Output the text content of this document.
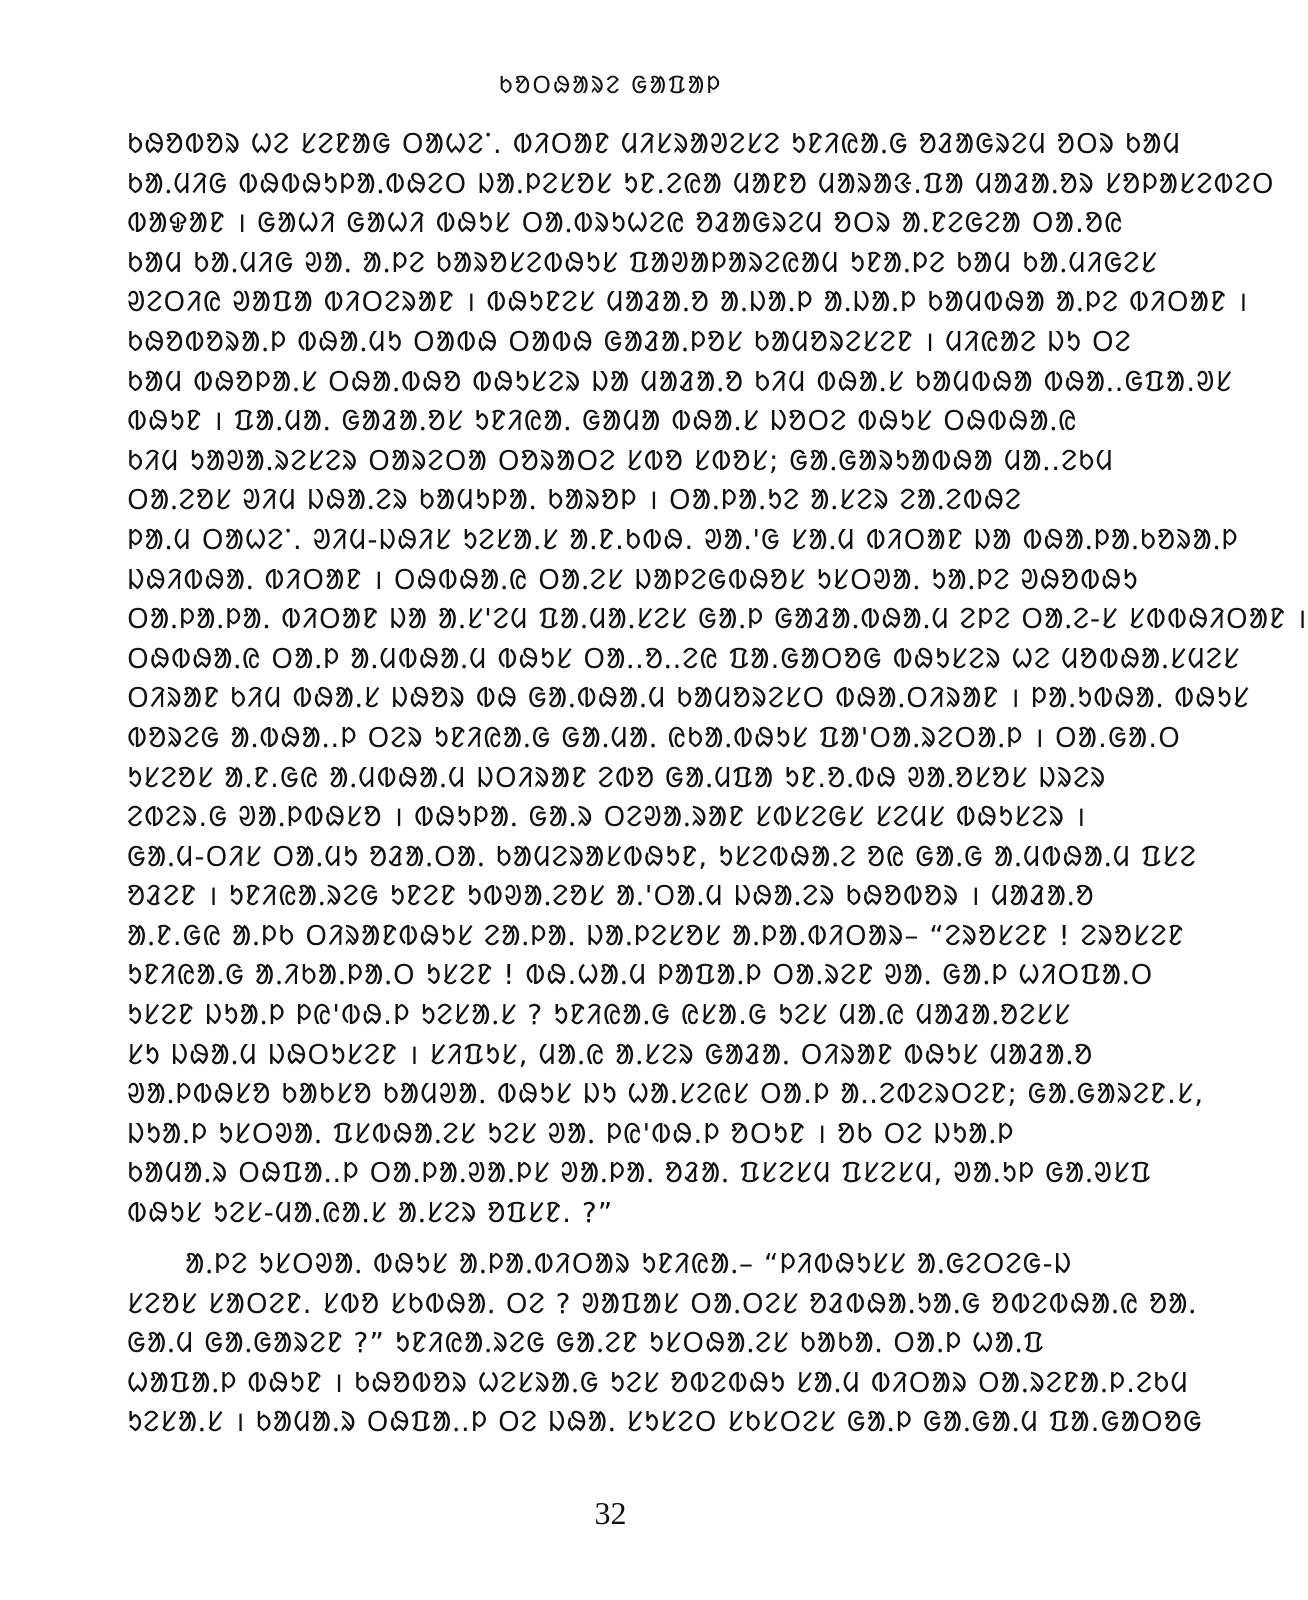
ᱠᱚᱛᱷᱟᱨᱮ ᱜᱟᱯᱟᱞ
ᱠᱷᱚᱵᱚᱨ ᱦᱮ ᱥᱮᱱᱟᱜ ᱛᱟᱦᱮᱸ. ᱵᱤᱛᱟᱱ ᱢᱤᱥᱨᱟᱣᱮᱥᱮ ᱩᱱᱤᱭᱟᱹᱜ ᱚᱲᱟᱜᱨᱮᱢ ᱚᱛᱨ ᱠᱟᱢ
ᱠᱟᱹᱢᱤᱜ ᱵᱷᱵᱷᱩᱞᱟᱹᱵᱷᱮᱛ ᱡᱟᱹᱞᱮᱥᱚᱥ ᱩᱱ.ᱮᱭᱟ ᱢᱟᱱᱚ ᱢᱟᱨᱟᱝ.ᱯᱟ ᱢᱟᱲᱟᱹᱚᱨ ᱥᱚᱞᱟᱥᱮᱵᱮᱛ
ᱵᱟᱫᱟᱱ । ᱜᱟᱦᱤ ᱜᱟᱦᱤ ᱵᱷᱩᱥ ᱛᱟᱹᱵᱨᱩᱦᱮᱭ ᱚᱲᱟᱜᱨᱮᱢ ᱚᱛᱨ ᱟᱹᱱᱮᱜᱮᱟ ᱛᱟ.ᱚᱭ
ᱠᱟᱢ ᱠᱟᱹᱢᱤᱜ ᱣᱟᱹ ᱟᱹᱞᱮ ᱠᱟᱨᱚᱥᱮᱵᱷᱩᱥ ᱯᱟᱣᱟᱞᱟᱨᱮᱭᱟᱢ ᱩᱱᱟᱹᱞᱮ ᱠᱟᱢ ᱠᱟᱹᱢᱤᱜᱮᱥ
ᱣᱮᱛᱤᱭ ᱣᱟᱯᱟ ᱵᱤᱛᱮᱨᱟᱱ । ᱵᱷᱩᱱᱮᱥ ᱢᱟᱲᱟᱹᱚ ᱟᱹᱡᱟᱹᱞ ᱟᱹᱡᱟᱹᱞ ᱠᱟᱢᱵᱷᱟ ᱟᱹᱞᱮ ᱵᱤᱛᱟᱱ ।
ᱠᱷᱚᱵᱚᱨᱟᱹᱞ ᱵᱷᱟᱹᱢᱩ ᱛᱟᱵᱷ ᱛᱟᱵᱷ ᱜᱟᱲᱟᱹᱞᱚᱥ ᱠᱟᱢᱚᱨᱮᱥᱮᱱ । ᱢᱤᱭᱟᱮ ᱡᱩ ᱛᱮ
ᱠᱟᱢ ᱵᱷᱚᱞᱟᱹᱥ ᱛᱷᱟᱹᱵᱷᱚ ᱵᱷᱩᱥᱮᱨ ᱡᱟ ᱢᱟᱲᱟᱹᱚ ᱠᱤᱢ ᱵᱷᱟᱹᱥ ᱠᱟᱢᱵᱷᱟ ᱵᱷᱟᱹ.ᱜᱯᱟ.ᱣᱥ
ᱵᱷᱩᱱ । ᱯᱟᱹᱢᱟᱹ ᱜᱟᱲᱟᱹᱚᱥ ᱩᱱᱤᱭᱟᱹ ᱜᱟᱢᱟ ᱵᱷᱟᱹᱥ ᱡᱚᱛᱮ ᱵᱷᱩᱥ ᱛᱷᱵᱷᱟᱹᱭ
ᱠᱤᱢ ᱩᱟᱣᱟᱹᱨᱮᱥᱮᱨ ᱛᱟᱨᱮᱛᱟ ᱛᱚᱨᱟᱛᱮ ᱥᱵᱚ ᱥᱵᱚᱥ; ᱜᱟᱹᱜᱟᱨᱩᱟᱵᱷᱟ ᱢᱟᱹ.ᱮᱠᱢ
ᱛᱟᱹᱮᱚᱥ ᱣᱤᱢ ᱡᱷᱟᱹᱮᱨ ᱠᱟᱢᱩᱞᱟᱹ ᱠᱟᱨᱚᱞ । ᱛᱟᱹᱞᱟᱹᱩᱮ ᱟᱹᱥᱮᱨ ᱮᱟᱹᱮᱵᱷᱮ
ᱞᱟᱹᱢ ᱛᱟᱦᱮᱸ. ᱣᱤᱢ-ᱡᱷᱤᱥ ᱩᱮᱥᱟᱹᱥ ᱟᱹᱱ.ᱠᱵᱷ. ᱣᱟᱹ'ᱜ ᱥᱟᱹᱢ ᱵᱤᱛᱟᱱ ᱡᱟ ᱵᱷᱟᱹᱞᱟᱹᱠᱚᱨᱟᱹᱞ
ᱡᱷᱤᱵᱷᱟᱹ ᱵᱤᱛᱟᱱ । ᱛᱷᱵᱷᱟᱹᱭ ᱛᱟᱹᱮᱥ ᱡᱟᱞᱮᱜᱵᱷᱚᱥ ᱩᱥᱛᱣᱟᱹ ᱩᱟᱹᱞᱮ ᱣᱷᱚᱵᱷᱩ
ᱛᱟᱹᱞᱟᱹᱞᱟᱹ ᱵᱤᱛᱟᱱ ᱡᱟ ᱟᱹᱥ'ᱮᱢ ᱯᱟᱹᱢᱟᱹᱥᱮᱥ ᱜᱟᱹᱞ ᱜᱟᱲᱟᱹᱵᱷᱟᱹᱢ ᱮᱞᱮ ᱛᱟᱹᱮ-ᱥ ᱥᱵᱵᱷᱤᱛᱟᱱ ।
ᱛᱷᱵᱷᱟᱹᱭ ᱛᱟᱹᱞ ᱟᱹᱢᱵᱷᱟᱹᱢ ᱵᱷᱩᱥ ᱛᱟᱹ.ᱚᱹ.ᱮᱭ ᱯᱟ.ᱜᱟᱛᱚᱜ ᱵᱷᱩᱥᱮᱨ ᱦᱮ ᱢᱚᱵᱷᱟᱹᱥᱢᱮᱥ
ᱛᱤᱨᱟᱱ ᱠᱤᱢ ᱵᱷᱟᱹᱥ ᱡᱷᱚᱨ ᱵᱷ ᱜᱟᱹᱵᱷᱟᱹᱢ ᱠᱟᱢᱚᱨᱮᱥᱛ ᱵᱷᱟᱹᱛᱤᱨᱟᱱ । ᱞᱟᱹᱩᱵᱷᱟᱹ ᱵᱷᱩᱥ
ᱵᱚᱨᱮᱜ ᱟᱹᱵᱷᱟᱹ.ᱞ ᱛᱮᱨ ᱩᱱᱤᱭᱟᱹᱜ ᱜᱟᱹᱢᱟᱹ ᱭᱠᱟᱹᱵᱷᱩᱥ ᱯᱟ'ᱛᱟᱹᱨᱮᱛᱟᱹᱞ । ᱛᱟ.ᱜᱟ.ᱛ
ᱩᱥᱮᱚᱥ ᱟᱹᱱ.ᱜᱭ ᱟᱹᱢᱵᱷᱟᱹᱢ ᱡᱛᱤᱨᱟᱱ ᱮᱵᱚ ᱜᱟᱹᱢᱯᱟ ᱩᱱ.ᱚᱹᱵᱷ ᱣᱟᱹᱚᱥᱚᱥ ᱡᱨᱮᱨ
ᱮᱵᱮᱨ.ᱜ ᱣᱟᱹᱞᱵᱷᱥᱚ । ᱵᱷᱩᱞᱟᱹ ᱜᱟᱹᱨ ᱛᱮᱣᱟᱹᱨᱟᱱ ᱥᱵᱥᱮᱜᱥ ᱥᱮᱢᱥ ᱵᱷᱩᱥᱮᱨ ।
ᱜᱟᱹᱢ-ᱛᱤᱥ ᱛᱟᱹᱢᱩ ᱚᱲᱟᱹᱛᱟᱹ ᱠᱟᱢᱮᱨᱟᱥᱵᱷᱩᱱ, ᱩᱥᱮᱵᱷᱟᱹᱮ ᱚᱭ ᱜᱟᱹᱜ ᱟᱹᱢᱵᱷᱟᱹᱢ ᱯᱥᱮ
ᱚᱲᱮᱱ । ᱩᱱᱤᱭᱟᱹᱨᱮᱜ ᱩᱱᱮᱱ ᱩᱵᱣᱟᱹᱮᱚᱥ ᱟᱹ'ᱛᱟᱹᱢ ᱡᱷᱟᱹᱮᱨ ᱠᱷᱚᱵᱚᱨ । ᱢᱟᱲᱟᱹᱚ
ᱟᱹᱱ.ᱜᱭ ᱟᱹᱞᱠ ᱛᱤᱨᱟᱱᱵᱷᱩᱥ ᱮᱟᱹᱞᱟᱹ ᱡᱟᱹᱞᱮᱥᱚᱥ ᱟᱹᱞᱟᱹᱵᱤᱛᱟᱨ– “ᱮᱨᱚᱥᱮᱱ ! ᱮᱨᱚᱥᱮᱱ
ᱩᱱᱤᱭᱟᱹᱜ ᱟᱹᱤᱠᱟᱹᱞᱟᱹᱛ ᱩᱥᱮᱱ ! ᱵᱷ.ᱦᱟᱹᱢ ᱞᱟᱯᱟᱹᱞ ᱛᱟᱹᱨᱮᱱ ᱣᱟᱹ ᱜᱟᱹᱞ ᱦᱤᱛᱯᱟᱹᱛ
ᱩᱥᱮᱱ ᱡᱩᱟᱹᱞ ᱞᱭ'ᱵᱷ.ᱞ ᱩᱮᱥᱟᱹᱥ ? ᱩᱱᱤᱭᱟᱹᱜ ᱭᱥᱟ.ᱜ ᱩᱮᱥ ᱢᱟᱹᱭ ᱢᱟᱲᱟᱹᱚᱮᱥᱥ
ᱥᱩ ᱡᱷᱟᱹᱢ ᱡᱷᱛᱩᱥᱮᱱ । ᱥᱤᱯᱩᱥ, ᱢᱟᱹᱭ ᱟᱹᱥᱮᱨ ᱜᱟᱲᱟᱹ ᱛᱤᱨᱟᱱ ᱵᱷᱩᱥ ᱢᱟᱲᱟᱹᱚ
ᱣᱟᱹᱞᱵᱷᱥᱚ ᱠᱟᱠᱥᱚ ᱠᱟᱢᱣᱟᱹ ᱵᱷᱩᱥ ᱡᱩ ᱦᱟᱹᱥᱮᱭᱥ ᱛᱟ.ᱞ ᱟᱹ.ᱮᱵᱮᱨᱛᱮᱱ; ᱜᱟᱹᱜᱟᱨᱮᱱ.ᱥ,
ᱡᱩᱟᱹᱞ ᱩᱥᱛᱣᱟᱹ ᱯᱥᱵᱷᱟᱹᱮᱥ ᱩᱮᱥ ᱣᱟᱹ ᱞᱭ'ᱵᱷ.ᱞ ᱚᱛᱩᱱ । ᱚᱠ ᱛᱮ ᱡᱩᱟᱹᱞ
ᱠᱟᱢᱟᱹᱨ ᱛᱷᱯᱟᱹ.ᱞ ᱛᱟᱹᱞᱟᱹᱣᱟᱹᱞᱥ ᱣᱟᱹᱞᱟᱹ ᱚᱲᱟᱹ ᱯᱥᱮᱥᱢ ᱯᱥᱮᱥᱢ, ᱣᱟᱹᱩᱞ ᱜᱟᱹᱣᱥᱯ
ᱵᱷᱩᱥ ᱩᱮᱥ-ᱢᱟᱹᱭᱟᱹᱥ ᱟᱹᱥᱮᱨ ᱚᱯᱥᱱ. ?”
ᱟᱹᱞᱮ ᱩᱥᱛᱣᱟᱹ ᱵᱷᱩᱥ ᱟᱹᱞᱟᱹᱵᱤᱛᱟᱨ ᱩᱱᱤᱭᱟᱹ– “ᱞᱤᱵᱷᱩᱥᱥ ᱟᱹᱜᱮᱛᱮᱜ-ᱡ
ᱥᱮᱚᱥ ᱥᱟᱛᱮᱱ. ᱥᱵᱚ ᱥᱠᱵᱷᱟᱹ ᱛᱮ ? ᱣᱟᱯᱟᱥ ᱛᱟᱹᱛᱮᱥ ᱚᱲᱵᱷᱟᱹᱩᱟᱹᱜ ᱚᱵᱮᱵᱷᱟᱹᱭ ᱚᱟᱹ
ᱜᱟᱹᱢ ᱜᱟᱹᱜᱟᱨᱮᱱ ?” ᱩᱱᱤᱭᱟᱹᱨᱮᱜ ᱜᱟᱹᱮᱱ ᱩᱥᱛᱷᱟᱹᱮᱥ ᱠᱟᱠᱟᱹ ᱛᱟᱹᱞ ᱦᱟᱹᱯ
ᱦᱟᱯᱟᱹᱞ ᱵᱷᱩᱱ । ᱠᱷᱚᱵᱚᱨ ᱦᱮᱥᱨᱟᱹᱜ ᱩᱮᱥ ᱚᱵᱮᱵᱷᱩ ᱥᱟᱹᱢ ᱵᱤᱛᱟᱨ ᱛᱟᱹᱨᱮᱱᱟᱹᱞ.ᱮᱠᱢ
ᱩᱮᱥᱟᱹᱥ । ᱠᱟᱢᱟᱹᱨ ᱛᱷᱯᱟᱹ.ᱞ ᱛᱮ ᱡᱷᱟᱹ ᱥᱩᱥᱮᱛ ᱥᱠᱥᱛᱮᱥ ᱜᱟᱹᱞ ᱜᱟᱹᱜᱟᱹᱢ ᱯᱟ.ᱜᱟᱛᱚᱜ
32
